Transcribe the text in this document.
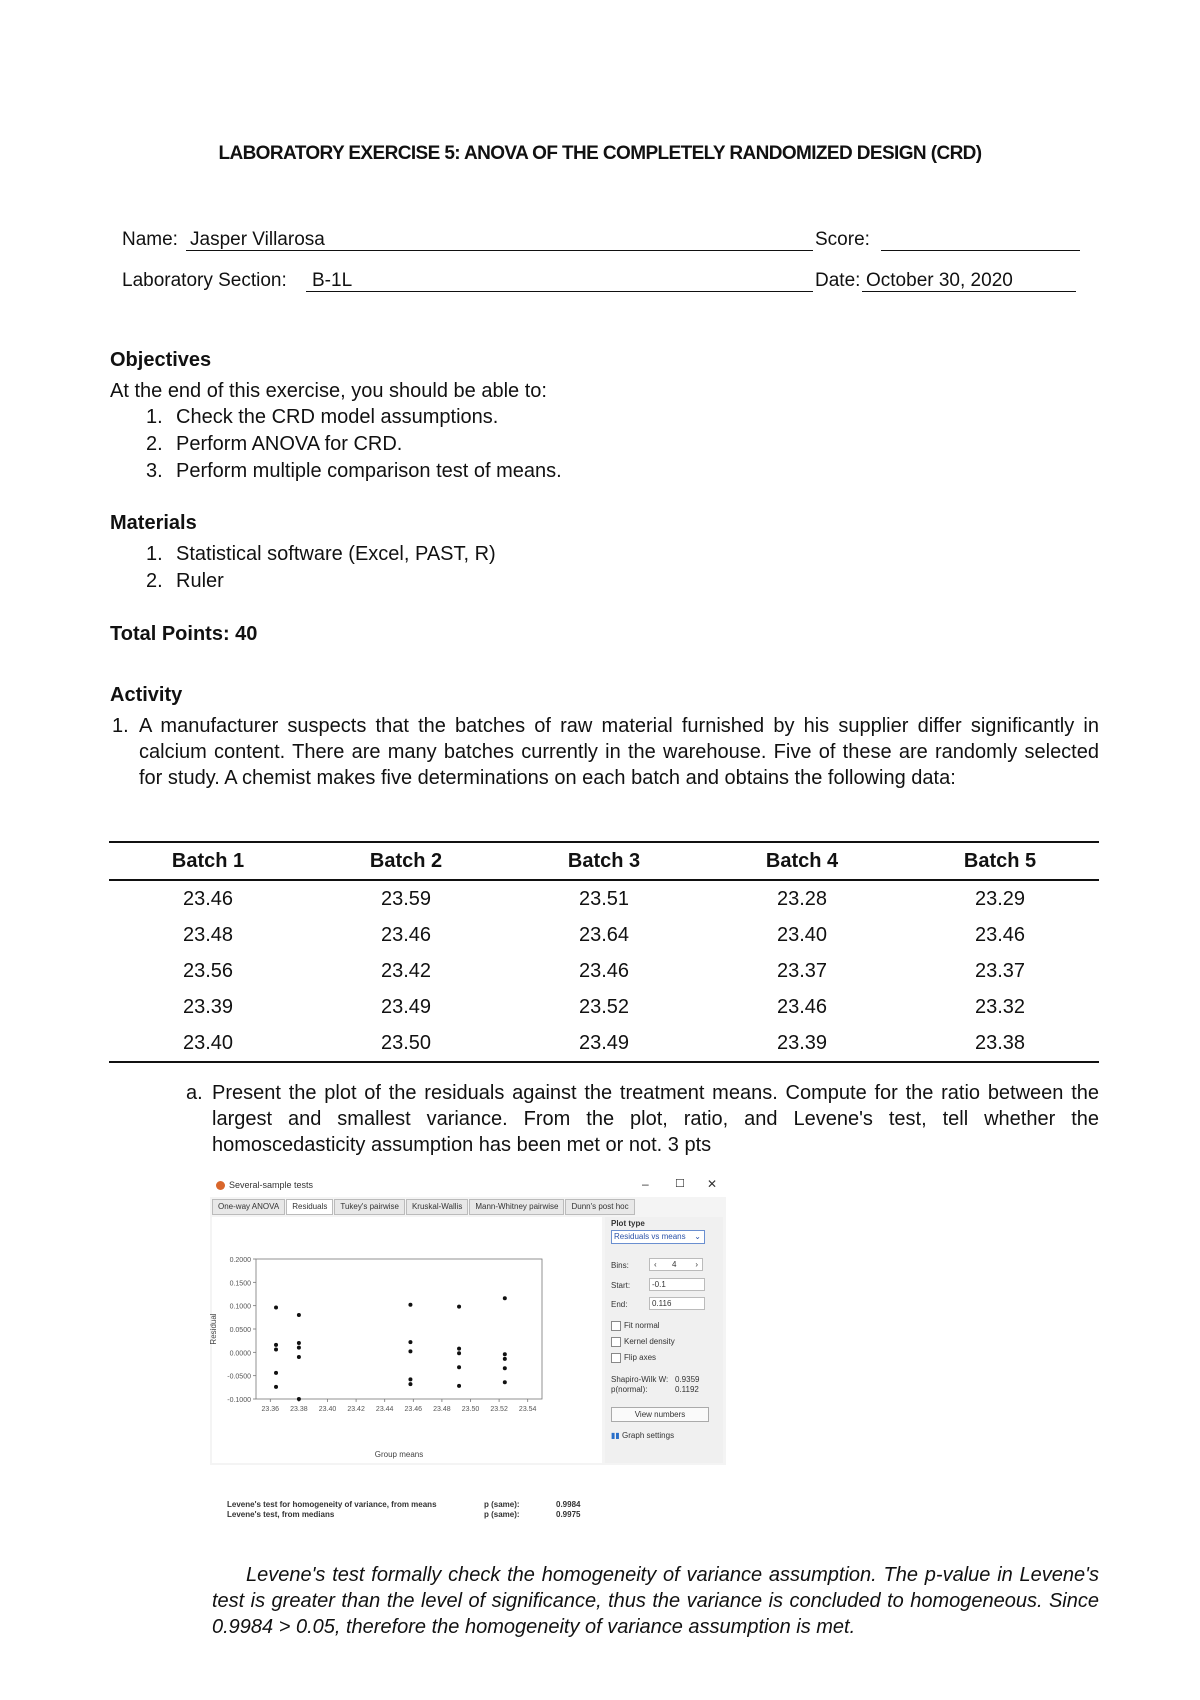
LABORATORY EXERCISE 5: ANOVA OF THE COMPLETELY RANDOMIZED DESIGN (CRD)
Name: Jasper Villarosa	Score:
Laboratory Section: B-1L	Date: October 30, 2020
Objectives
At the end of this exercise, you should be able to:
1. Check the CRD model assumptions.
2. Perform ANOVA for CRD.
3. Perform multiple comparison test of means.
Materials
1. Statistical software (Excel, PAST, R)
2. Ruler
Total Points: 40
Activity
1. A manufacturer suspects that the batches of raw material furnished by his supplier differ significantly in calcium content. There are many batches currently in the warehouse. Five of these are randomly selected for study. A chemist makes five determinations on each batch and obtains the following data:
Batch 1	Batch 2	Batch 3	Batch 4	Batch 5
23.46	23.59	23.51	23.28	23.29
23.48	23.46	23.64	23.40	23.46
23.56	23.42	23.46	23.37	23.37
23.39	23.49	23.52	23.46	23.32
23.40	23.50	23.49	23.39	23.38
a. Present the plot of the residuals against the treatment means. Compute for the ratio between the largest and smallest variance. From the plot, ratio, and Levene's test, tell whether the homoscedasticity assumption has been met or not. 3 pts
Several-sample tests	– ☐ ✕
One-way ANOVA	Residuals	Tukey's pairwise	Kruskal-Wallis	Mann-Whitney pairwise	Dunn's post hoc
0.2000
0.1500
0.1000
0.0500
0.0000
-0.0500
-0.1000
23.36 23.38 23.40 23.42 23.44 23.46 23.48 23.50 23.52 23.54
Group means
Residual
Plot type
Residuals vs means ⌄
Bins:	‹ 4 ›
Start:	-0.1
End:	0.116
Fit normal
Kernel density
Flip axes
Shapiro-Wilk W: 0.9359
p(normal):	0.1192
View numbers
▮▮ Graph settings
Levene's test for homogeneity of variance, from means	p (same):	0.9984
Levene's test, from medians	p (same):	0.9975
Levene's test formally check the homogeneity of variance assumption. The p-value in Levene's test is greater than the level of significance, thus the variance is concluded to homogeneous. Since 0.9984 > 0.05, therefore the homogeneity of variance assumption is met.
